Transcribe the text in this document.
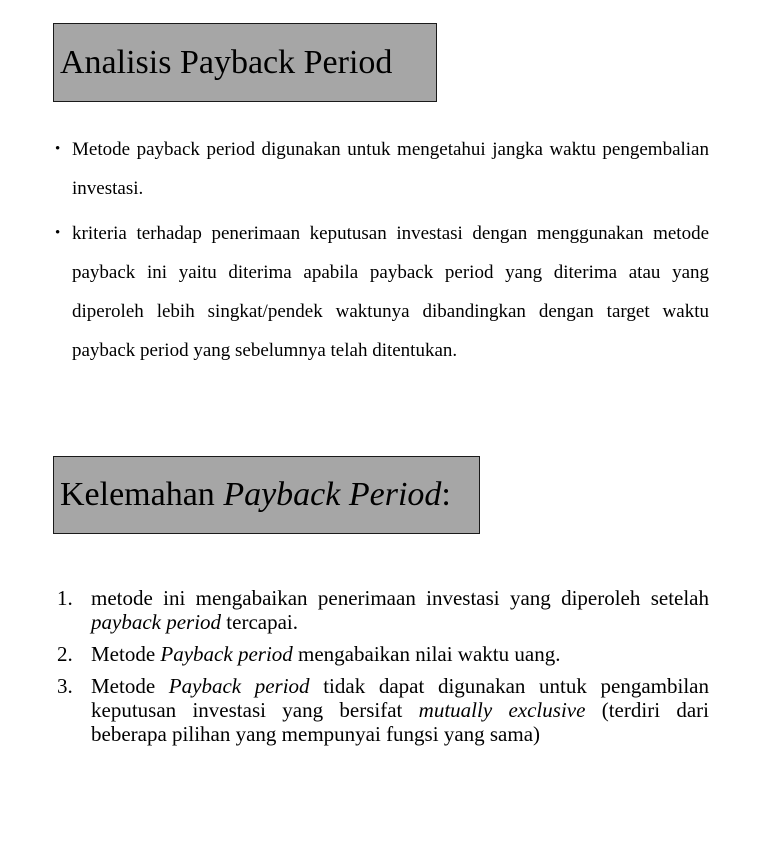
Analisis Payback Period
• Metode payback period digunakan untuk mengetahui jangka waktu pengembalian investasi.
• kriteria terhadap penerimaan keputusan investasi dengan menggunakan metode payback ini yaitu diterima apabila payback period yang diterima atau yang diperoleh lebih singkat/pendek waktunya dibandingkan dengan target waktu payback period yang sebelumnya telah ditentukan.
Kelemahan
Payback Period :
1. metode ini mengabaikan penerimaan investasi yang diperoleh setelah payback period tercapai.
2. Metode Payback period mengabaikan nilai waktu uang.
3. Metode Payback period tidak dapat digunakan untuk pengambilan keputusan investasi yang bersifat mutually exclusive (terdiri dari beberapa pilihan yang mempunyai fungsi yang sama)
